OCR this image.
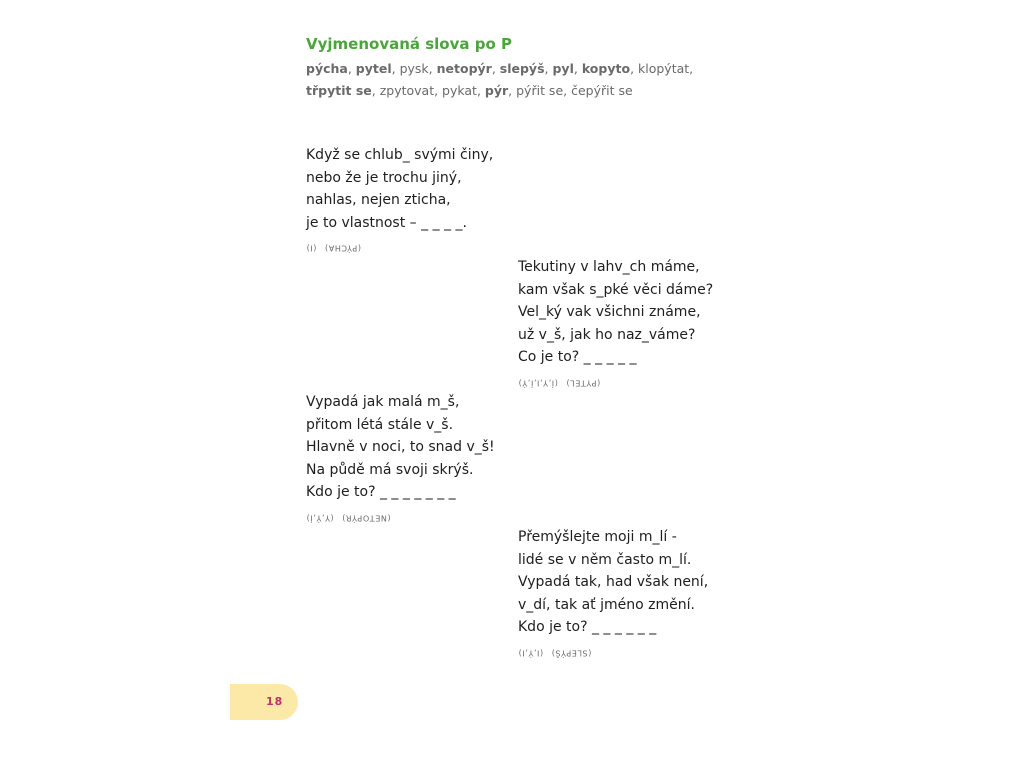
Vyjmenovaná slova po P
pýcha, pytel, pysk, netopýr, slepýš, pyl, kopyto, klopýtat,
třpytit se, zpytovat, pykat, pýr, pýřit se, čepýřit se
Když se chlub_ svými činy,
nebo že je trochu jiný,
nahlas, nejen zticha,
je to vlastnost – _ _ _ _.
(PÝCHA)(I)
Tekutiny v lahv_ch máme,
kam však s_pké věci dáme?
Vel_ký vak všichni známe,
už v_š, jak ho naz_váme?
Co je to? _ _ _ _ _
(PYTEL)(Í,Y,I,Í,Ý)
Vypadá jak malá m_š,
přitom létá stále v_š.
Hlavně v noci, to snad v_š!
Na půdě má svoji skrýš.
Kdo je to? _ _ _ _ _ _ _
(NETOPÝR)(Y,Ý,Í)
Přemýšlejte moji m_lí -
lidé se v něm často m_lí.
Vypadá tak, had však není,
v_dí, tak ať jméno změní.
Kdo je to? _ _ _ _ _ _
(SLEPÝŠ)(I,Ý,I)
18
